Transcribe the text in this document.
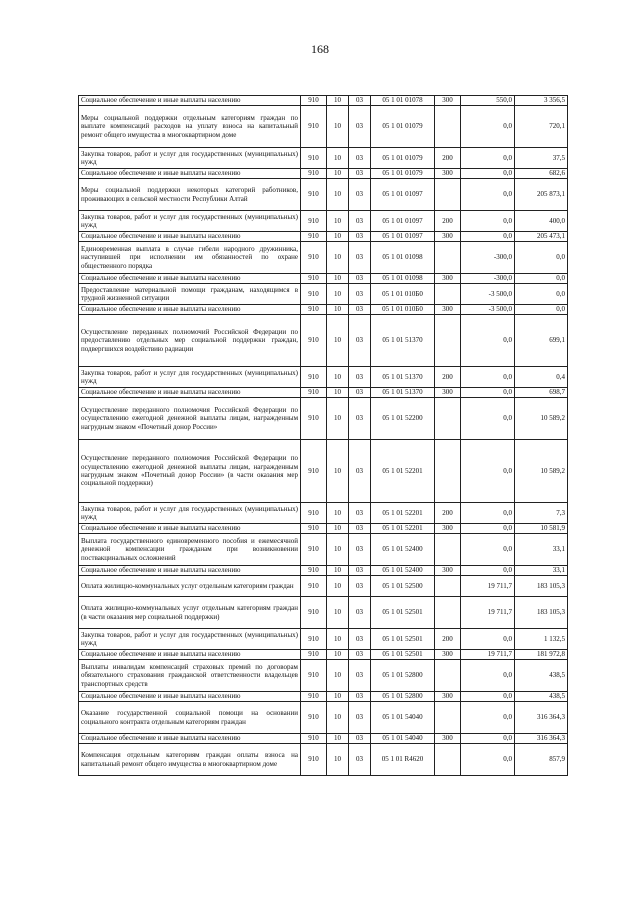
168
Социальное обеспечение и иные выплаты населению	910	10	03	05 1 01 01078	300	550,0	3 356,5
Меры социальной поддержки отдельным категориям граждан по выплате компенсаций расходов на уплату взноса на капитальный ремонт общего имущества в многоквартирном доме	910	10	03	05 1 01 01079		0,0	720,1
Закупка товаров, работ и услуг для государственных (муниципальных) нужд	910	10	03	05 1 01 01079	200	0,0	37,5
Социальное обеспечение и иные выплаты населению	910	10	03	05 1 01 01079	300	0,0	682,6
Меры социальной поддержки некоторых категорий работников, проживающих в сельской местности Республики Алтай	910	10	03	05 1 01 01097		0,0	205 873,1
Закупка товаров, работ и услуг для государственных (муниципальных) нужд	910	10	03	05 1 01 01097	200	0,0	400,0
Социальное обеспечение и иные выплаты населению	910	10	03	05 1 01 01097	300	0,0	205 473,1
Единовременная выплата в случае гибели народного дружинника, наступившей при исполнении им обязанностей по охране общественного порядка	910	10	03	05 1 01 01098		-300,0	0,0
Социальное обеспечение и иные выплаты населению	910	10	03	05 1 01 01098	300	-300,0	0,0
Предоставление материальной помощи гражданам, находящимся в трудной жизненной ситуации	910	10	03	05 1 01 010Б0		-3 500,0	0,0
Социальное обеспечение и иные выплаты населению	910	10	03	05 1 01 010Б0	300	-3 500,0	0,0
Осуществление переданных полномочий Российской Федерации по предоставлению отдельных мер социальной поддержки граждан, подвергшихся воздействию радиации	910	10	03	05 1 01 51370		0,0	699,1
Закупка товаров, работ и услуг для государственных (муниципальных) нужд	910	10	03	05 1 01 51370	200	0,0	0,4
Социальное обеспечение и иные выплаты населению	910	10	03	05 1 01 51370	300	0,0	698,7
Осуществление переданного полномочия Российской Федерации по осуществлению ежегодной денежной выплаты лицам, награжденным нагрудным знаком «Почетный донор России»	910	10	03	05 1 01 52200		0,0	10 589,2
Осуществление переданного полномочия Российской Федерации по осуществлению ежегодной денежной выплаты лицам, награжденным нагрудным знаком «Почетный донор России» (в части оказания мер социальной поддержки)	910	10	03	05 1 01 52201		0,0	10 589,2
Закупка товаров, работ и услуг для государственных (муниципальных) нужд	910	10	03	05 1 01 52201	200	0,0	7,3
Социальное обеспечение и иные выплаты населению	910	10	03	05 1 01 52201	300	0,0	10 581,9
Выплата государственного единовременного пособия и ежемесячной денежной компенсации гражданам при возникновении поствакцинальных осложнений	910	10	03	05 1 01 52400		0,0	33,1
Социальное обеспечение и иные выплаты населению	910	10	03	05 1 01 52400	300	0,0	33,1
Оплата жилищно-коммунальных услуг отдельным категориям граждан	910	10	03	05 1 01 52500		19 711,7	183 105,3
Оплата жилищно-коммунальных услуг отдельным категориям граждан (в части оказания мер социальной поддержки)	910	10	03	05 1 01 52501		19 711,7	183 105,3
Закупка товаров, работ и услуг для государственных (муниципальных) нужд	910	10	03	05 1 01 52501	200	0,0	1 132,5
Социальное обеспечение и иные выплаты населению	910	10	03	05 1 01 52501	300	19 711,7	181 972,8
Выплаты инвалидам компенсаций страховых премий по договорам обязательного страхования гражданской ответственности владельцев транспортных средств	910	10	03	05 1 01 52800		0,0	438,5
Социальное обеспечение и иные выплаты населению	910	10	03	05 1 01 52800	300	0,0	438,5
Оказание государственной социальной помощи на основании социального контракта отдельным категориям граждан	910	10	03	05 1 01 54040		0,0	316 364,3
Социальное обеспечение и иные выплаты населению	910	10	03	05 1 01 54040	300	0,0	316 364,3
Компенсация отдельным категориям граждан оплаты взноса на капитальный ремонт общего имущества в многоквартирном доме	910	10	03	05 1 01 R4620		0,0	857,9
